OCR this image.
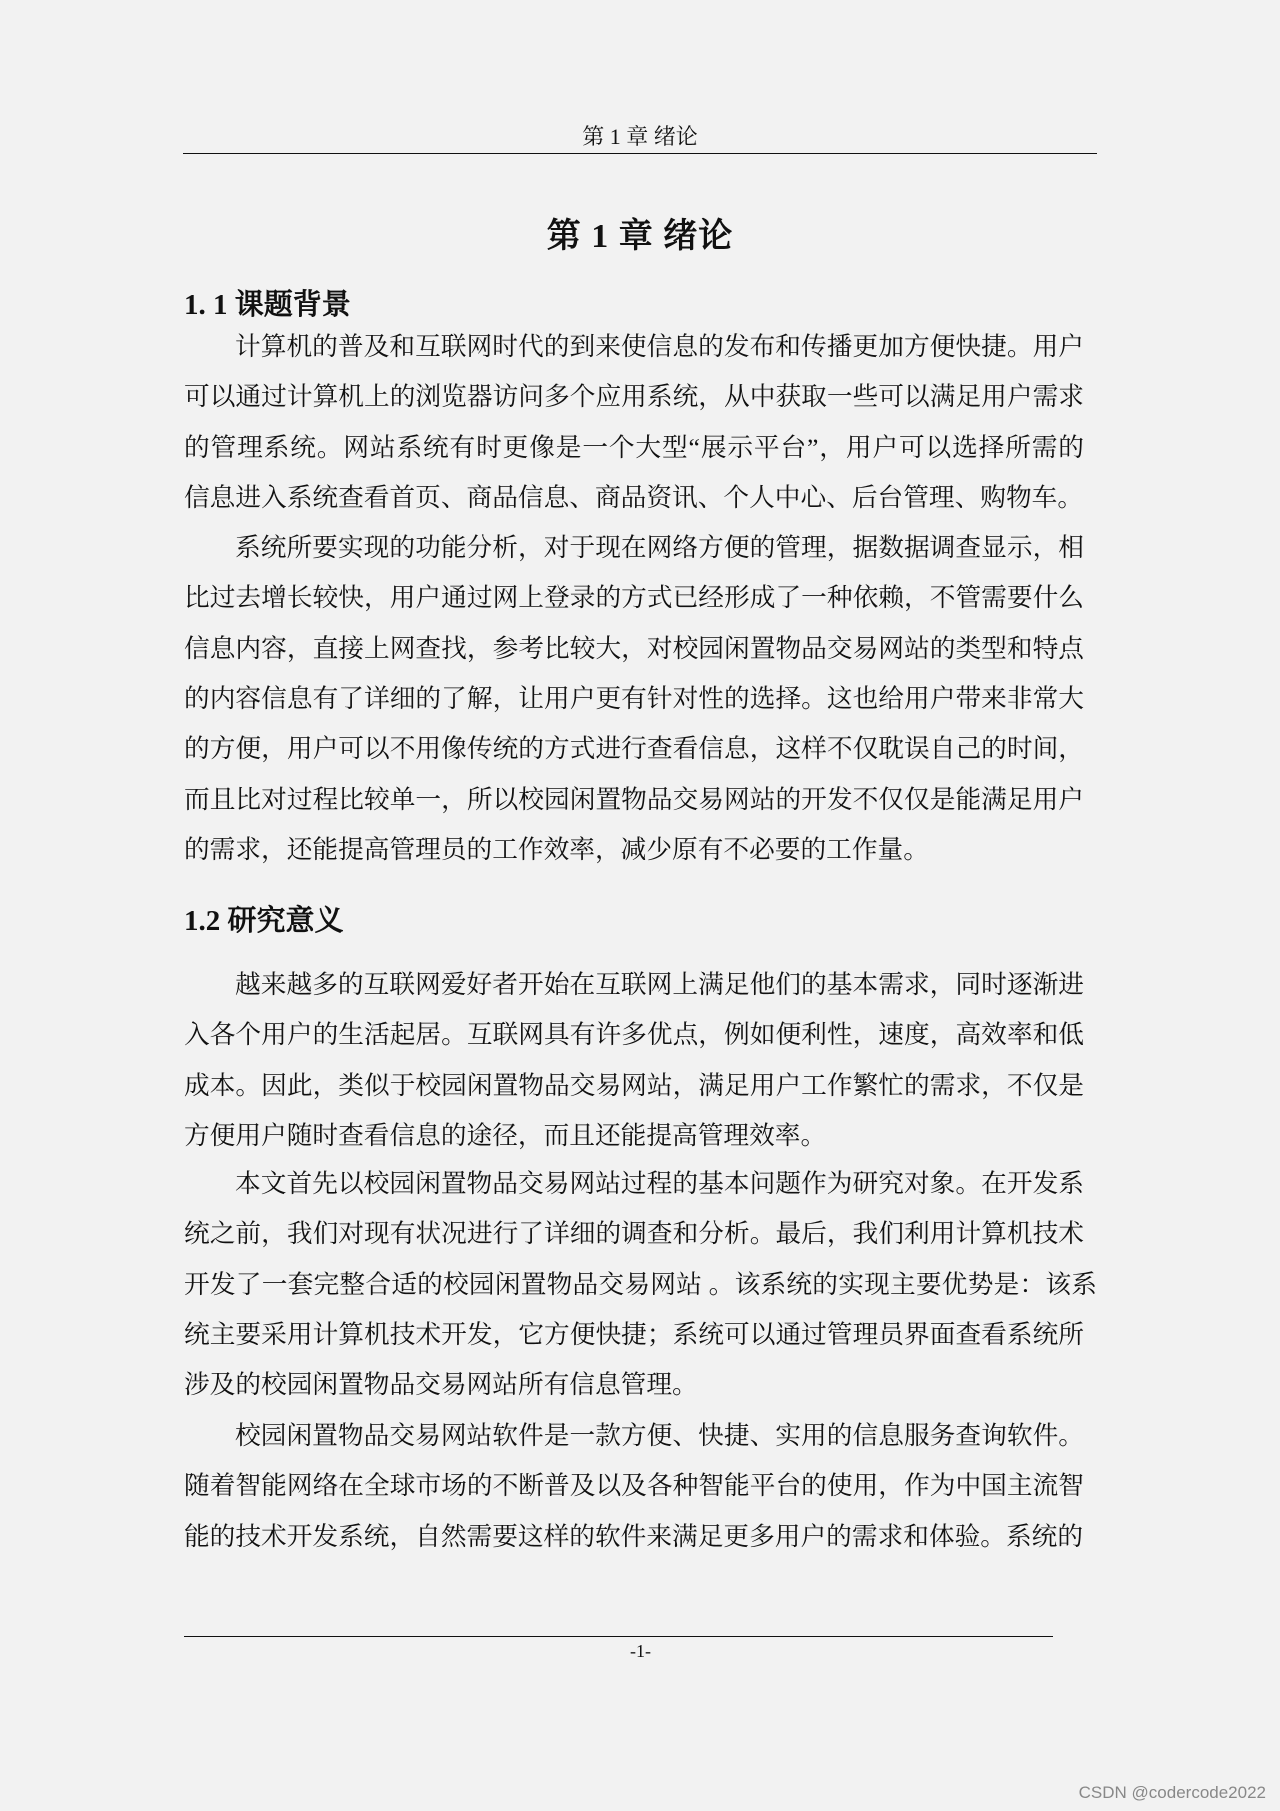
第 1 章 绪论
第 1 章 绪论
1. 1 课题背景
1.2 研究意义
计算机的普及和互联网时代的到来使信息的发布和传播更加方便快捷。用户
可以通过计算机上的浏览器访问多个应用系统，从中获取一些可以满足用户需求
的管理系统。网站系统有时更像是一个大型“展示平台”，用户可以选择所需的
信息进入系统查看首页、商品信息、商品资讯、个人中心、后台管理、购物车。
系统所要实现的功能分析，对于现在网络方便的管理，据数据调查显示，相
比过去增长较快，用户通过网上登录的方式已经形成了一种依赖，不管需要什么
信息内容，直接上网查找，参考比较大，对校园闲置物品交易网站的类型和特点
的内容信息有了详细的了解，让用户更有针对性的选择。这也给用户带来非常大
的方便，用户可以不用像传统的方式进行查看信息，这样不仅耽误自己的时间，
而且比对过程比较单一，所以校园闲置物品交易网站的开发不仅仅是能满足用户
的需求，还能提高管理员的工作效率，减少原有不必要的工作量。
越来越多的互联网爱好者开始在互联网上满足他们的基本需求，同时逐渐进
入各个用户的生活起居。互联网具有许多优点，例如便利性，速度，高效率和低
成本。因此，类似于校园闲置物品交易网站，满足用户工作繁忙的需求，不仅是
方便用户随时查看信息的途径，而且还能提高管理效率。
本文首先以校园闲置物品交易网站过程的基本问题作为研究对象。在开发系
统之前，我们对现有状况进行了详细的调查和分析。最后，我们利用计算机技术
开发了一套完整合适的校园闲置物品交易网站 。该系统的实现主要优势是：该系
统主要采用计算机技术开发，它方便快捷；系统可以通过管理员界面查看系统所
涉及的校园闲置物品交易网站所有信息管理。
校园闲置物品交易网站软件是一款方便、快捷、实用的信息服务查询软件。
随着智能网络在全球市场的不断普及以及各种智能平台的使用，作为中国主流智
能的技术开发系统，自然需要这样的软件来满足更多用户的需求和体验。系统的
-1-
CSDN @codercode2022
